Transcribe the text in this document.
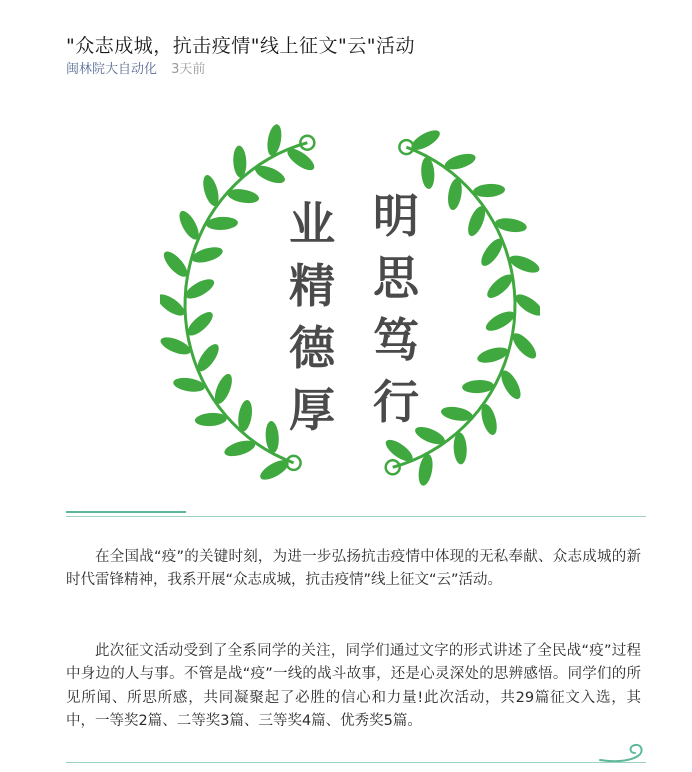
"众志成城，抗击疫情"线上征文"云"活动
闽林院大自动化 3天前
明
思
笃
行
业
精
德
厚

在全国战“疫”的关键时刻，为进一步弘扬抗击疫情中体现的无私奉献、众志成城的新时代雷锋精神，我系开展“众志成城，抗击疫情”线上征文“云”活动。

此次征文活动受到了全系同学的关注，同学们通过文字的形式讲述了全民战“疫”过程中身边的人与事。不管是战“疫”一线的战斗故事，还是心灵深处的思辨感悟。同学们的所见所闻、所思所感，共同凝聚起了必胜的信心和力量!此次活动，共29篇征文入选，其中，一等奖2篇、二等奖3篇、三等奖4篇、优秀奖5篇。
